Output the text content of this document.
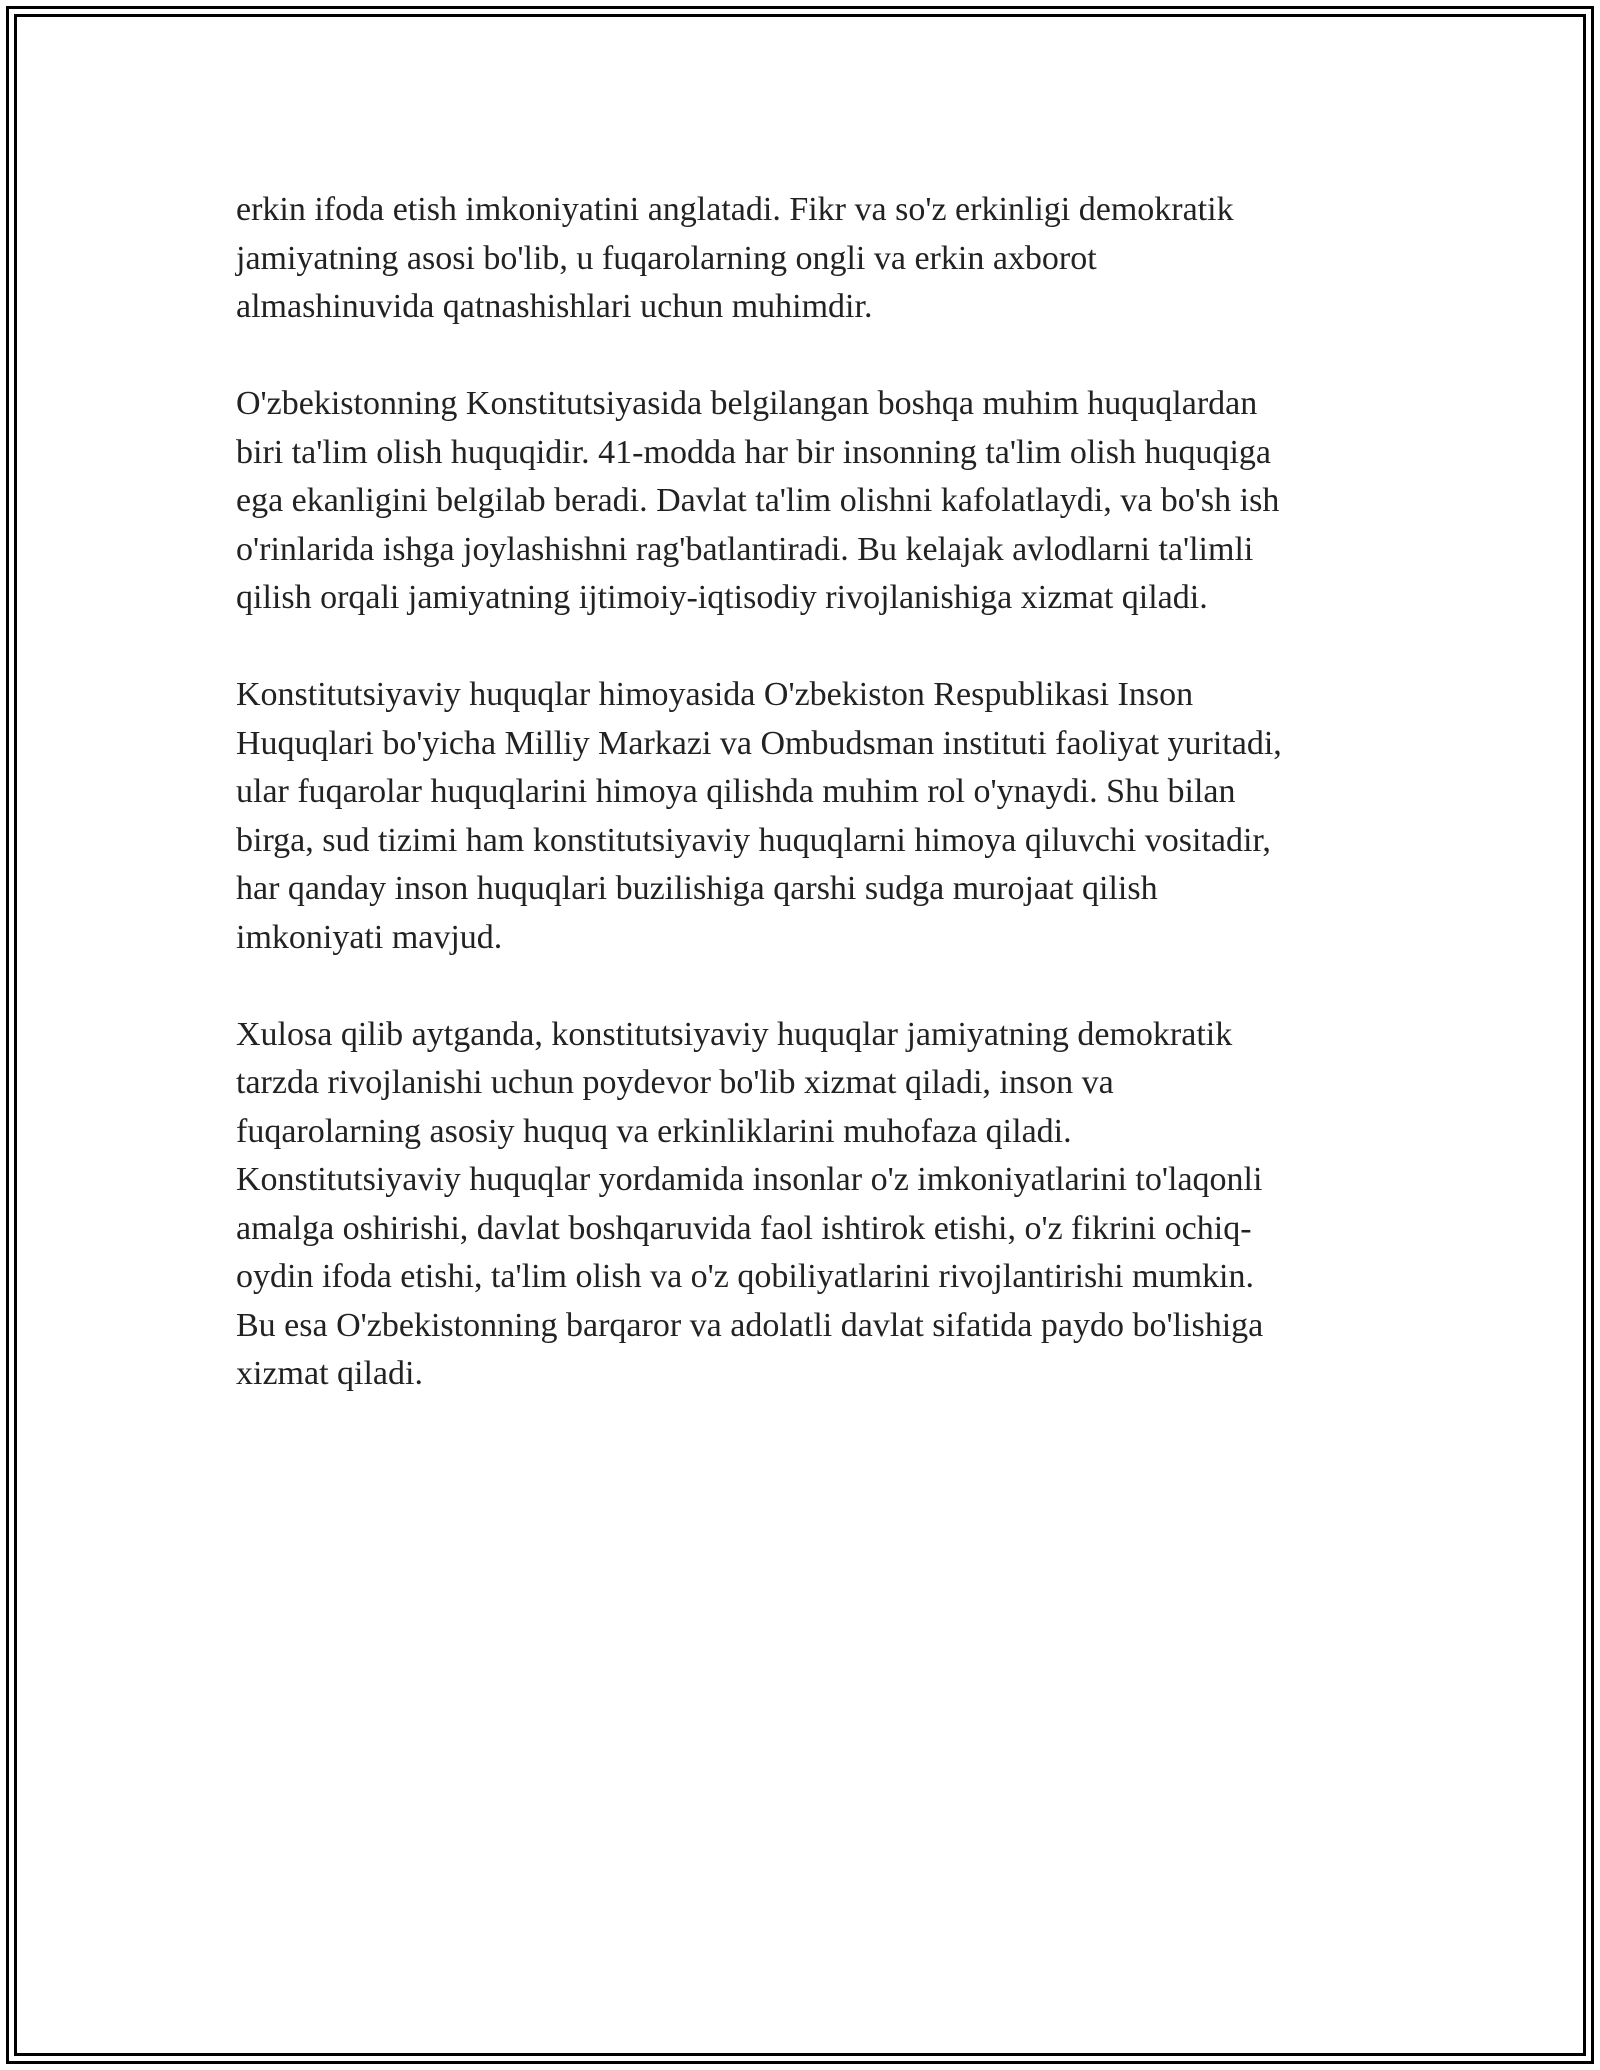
erkin ifoda etish imkoniyatini anglatadi. Fikr va so'z erkinligi demokratik
jamiyatning asosi bo'lib, u fuqarolarning ongli va erkin axborot
almashinuvida qatnashishlari uchun muhimdir.

O'zbekistonning Konstitutsiyasida belgilangan boshqa muhim huquqlardan
biri ta'lim olish huquqidir. 41-modda har bir insonning ta'lim olish huquqiga
ega ekanligini belgilab beradi. Davlat ta'lim olishni kafolatlaydi, va bo'sh ish
o'rinlarida ishga joylashishni rag'batlantiradi. Bu kelajak avlodlarni ta'limli
qilish orqali jamiyatning ijtimoiy-iqtisodiy rivojlanishiga xizmat qiladi.

Konstitutsiyaviy huquqlar himoyasida O'zbekiston Respublikasi Inson
Huquqlari bo'yicha Milliy Markazi va Ombudsman instituti faoliyat yuritadi,
ular fuqarolar huquqlarini himoya qilishda muhim rol o'ynaydi. Shu bilan
birga, sud tizimi ham konstitutsiyaviy huquqlarni himoya qiluvchi vositadir,
har qanday inson huquqlari buzilishiga qarshi sudga murojaat qilish
imkoniyati mavjud.

Xulosa qilib aytganda, konstitutsiyaviy huquqlar jamiyatning demokratik
tarzda rivojlanishi uchun poydevor bo'lib xizmat qiladi, inson va
fuqarolarning asosiy huquq va erkinliklarini muhofaza qiladi.
Konstitutsiyaviy huquqlar yordamida insonlar o'z imkoniyatlarini to'laqonli
amalga oshirishi, davlat boshqaruvida faol ishtirok etishi, o'z fikrini ochiq-
oydin ifoda etishi, ta'lim olish va o'z qobiliyatlarini rivojlantirishi mumkin.
Bu esa O'zbekistonning barqaror va adolatli davlat sifatida paydo bo'lishiga
xizmat qiladi.
